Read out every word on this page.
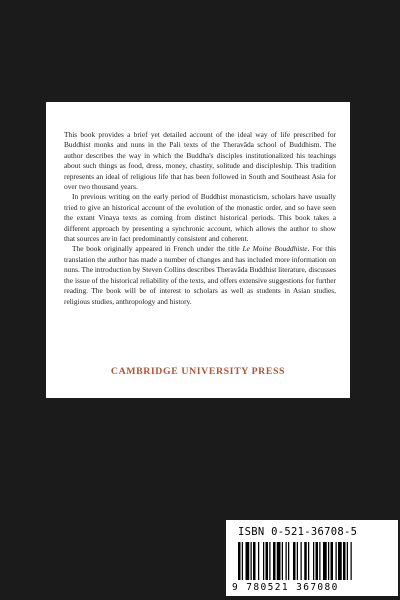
This book provides a brief yet detailed account of the ideal way of life prescribed for Buddhist monks and nuns in the Pali texts of the Theravāda school of Buddhism. The author describes the way in which the Buddha's disciples institutionalized his teachings about such things as food, dress, money, chastity, solitude and discipleship. This tradition represents an ideal of religious life that has been followed in South and Southeast Asia for over two thousand years.

In previous writing on the early period of Buddhist monasticism, scholars have usually tried to give an historical account of the evolution of the monastic order, and so have seen the extant Vinaya texts as coming from distinct historical periods. This book takes a different approach by presenting a synchronic account, which allows the author to show that sources are in fact predominantly consistent and coherent.

The book originally appeared in French under the title Le Moine Bouddhiste. For this translation the author has made a number of changes and has included more information on nuns. The introduction by Steven Collins describes Theravāda Buddhist literature, discusses the issue of the historical reliability of the texts, and offers extensive suggestions for further reading. The book will be of interest to scholars as well as students in Asian studies, religious studies, anthropology and history.

CAMBRIDGE UNIVERSITY PRESS
ISBN 0-521-36708-5
9 780521 367080
